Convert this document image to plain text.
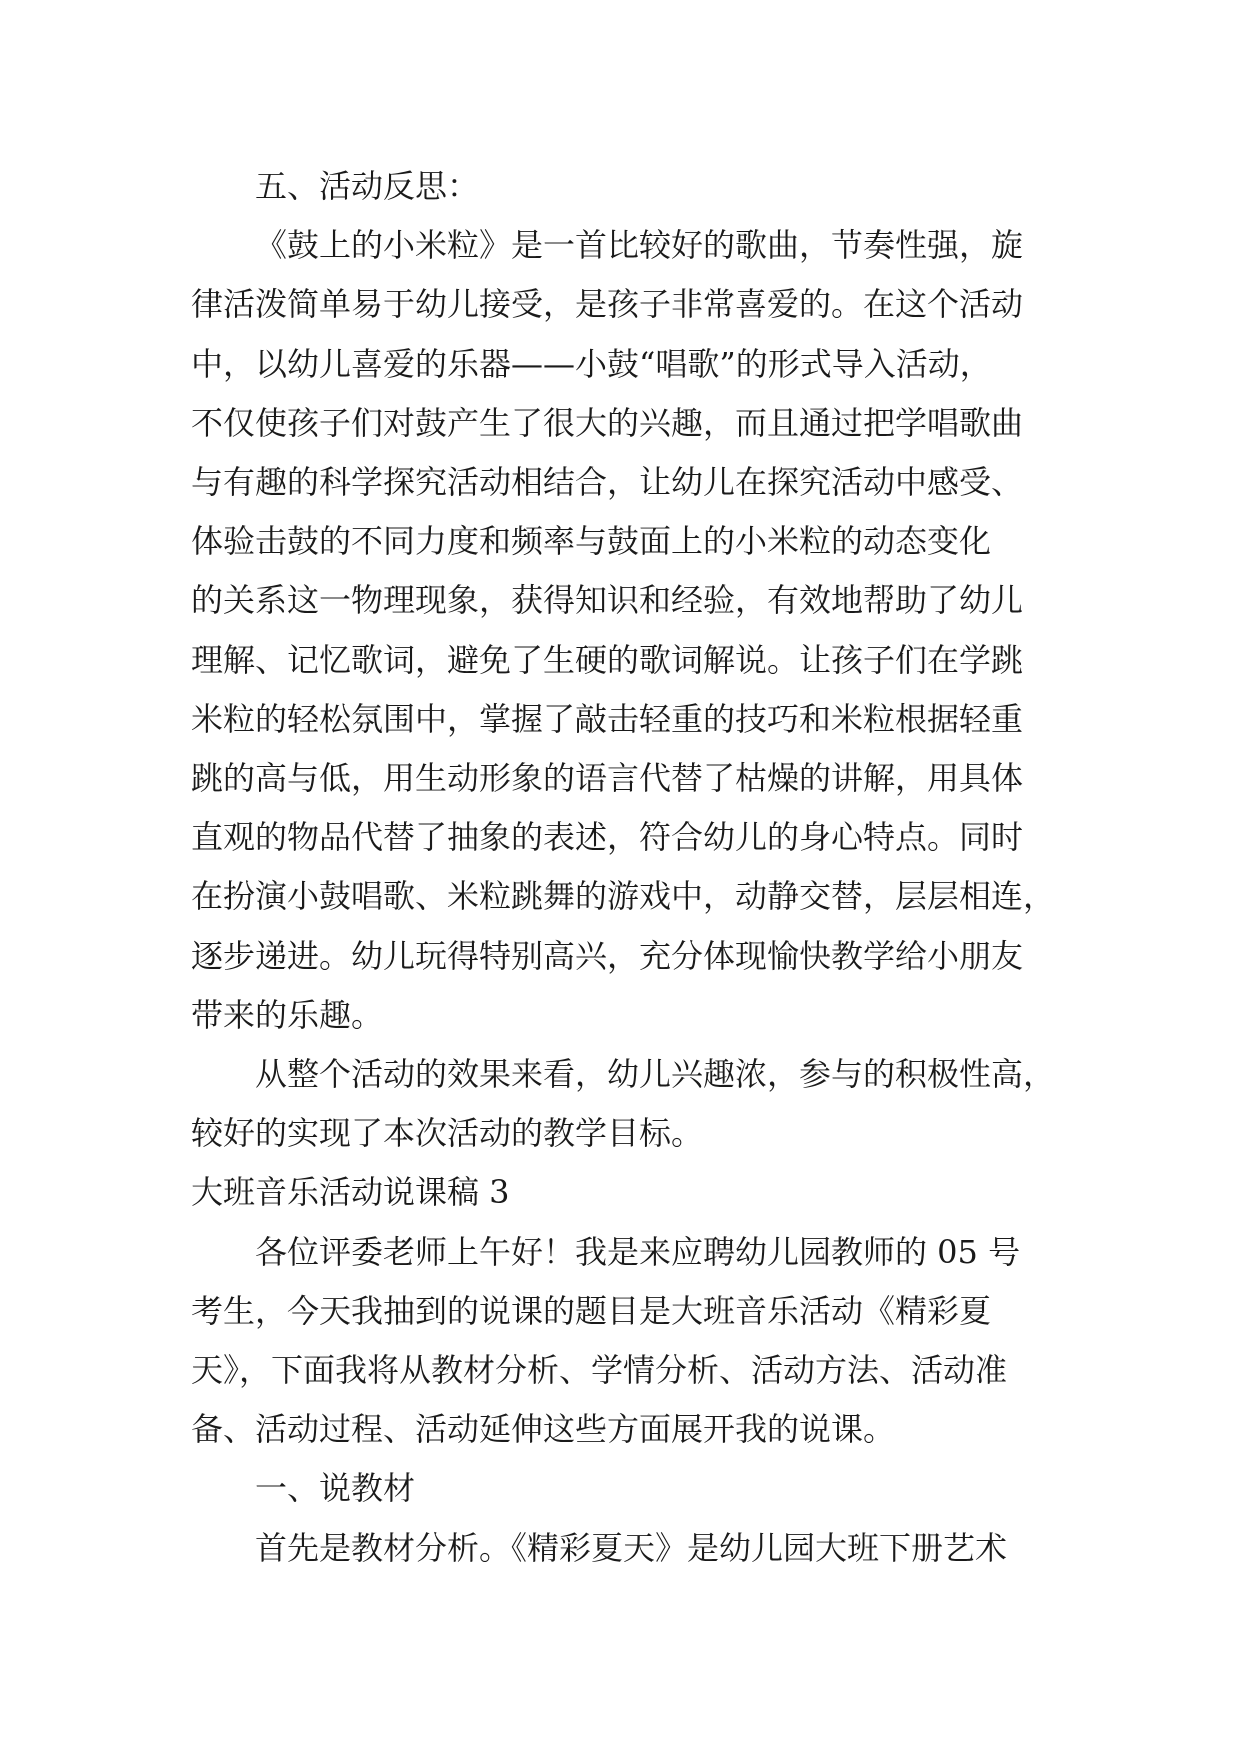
五、活动反思：

《鼓上的小米粒》是一首比较好的歌曲，节奏性强，旋

律活泼简单易于幼儿接受，是孩子非常喜爱的。在这个活动

中，以幼儿喜爱的乐器——小鼓“唱歌”的形式导入活动，

不仅使孩子们对鼓产生了很大的兴趣，而且通过把学唱歌曲

与有趣的科学探究活动相结合，让幼儿在探究活动中感受、

体验击鼓的不同力度和频率与鼓面上的小米粒的动态变化

的关系这一物理现象，获得知识和经验，有效地帮助了幼儿

理解、记忆歌词，避免了生硬的歌词解说。让孩子们在学跳

米粒的轻松氛围中，掌握了敲击轻重的技巧和米粒根据轻重

跳的高与低，用生动形象的语言代替了枯燥的讲解，用具体

直观的物品代替了抽象的表述，符合幼儿的身心特点。同时

在扮演小鼓唱歌、米粒跳舞的游戏中，动静交替，层层相连，

逐步递进。幼儿玩得特别高兴，充分体现愉快教学给小朋友

带来的乐趣。

从整个活动的效果来看，幼儿兴趣浓，参与的积极性高，

较好的实现了本次活动的教学目标。

大班音乐活动说课稿 3

各位评委老师上午好！我是来应聘幼儿园教师的 05 号

考生，今天我抽到的说课的题目是大班音乐活动《精彩夏

天》，下面我将从教材分析、学情分析、活动方法、活动准

备、活动过程、活动延伸这些方面展开我的说课。

一、说教材

首先是教材分析。《精彩夏天》是幼儿园大班下册艺术
